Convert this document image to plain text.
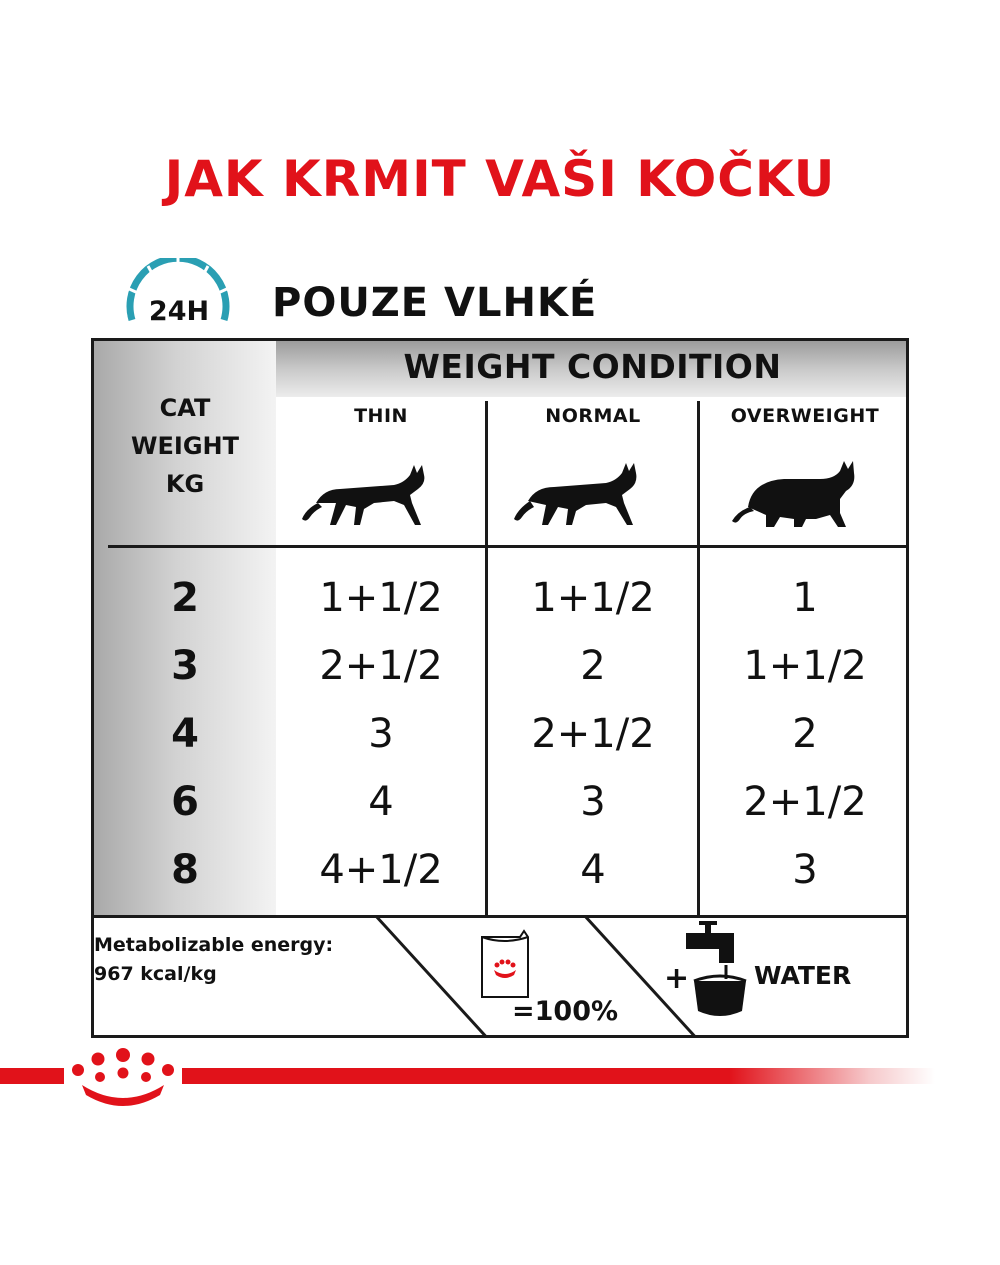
JAK KRMIT VAŠI KOČKU
24H POUZE VLHKÉ
WEIGHT CONDITION
CAT
WEIGHT
KG
THIN	NORMAL	OVERWEIGHT
2	1+1/2	1+1/2	1
3	2+1/2	2	1+1/2
4	3	2+1/2	2
6	4	3	2+1/2
8	4+1/2	4	3
Metabolizable energy:
967 kcal/kg
=100%
+	WATER
